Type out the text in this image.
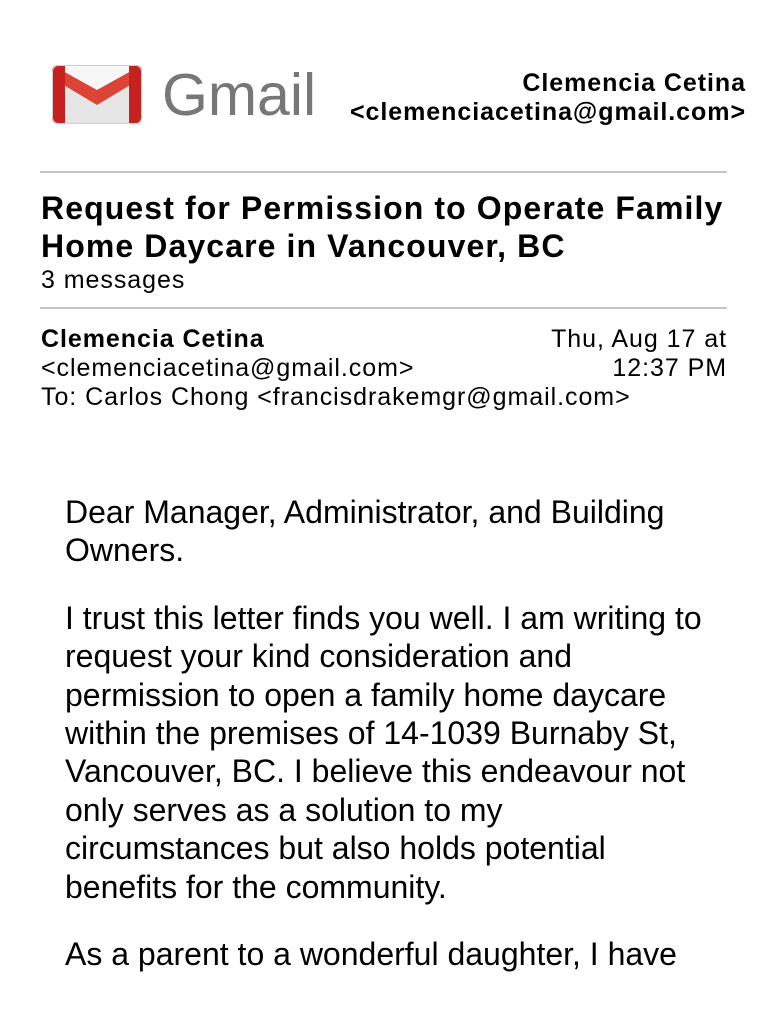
Gmail	Clemencia Cetina
<clemenciacetina@gmail.com>
Request for Permission to Operate Family Home Daycare in Vancouver, BC
3 messages
Clemencia Cetina
<clemenciacetina@gmail.com>
To: Carlos Chong <francisdrakemgr@gmail.com>
Thu, Aug 17 at 12:37 PM
Dear Manager, Administrator, and Building
Owners.
I trust this letter finds you well. I am writing to
request your kind consideration and
permission to open a family home daycare
within the premises of 14-1039 Burnaby St,
Vancouver, BC. I believe this endeavour not
only serves as a solution to my
circumstances but also holds potential
benefits for the community.
As a parent to a wonderful daughter, I have
